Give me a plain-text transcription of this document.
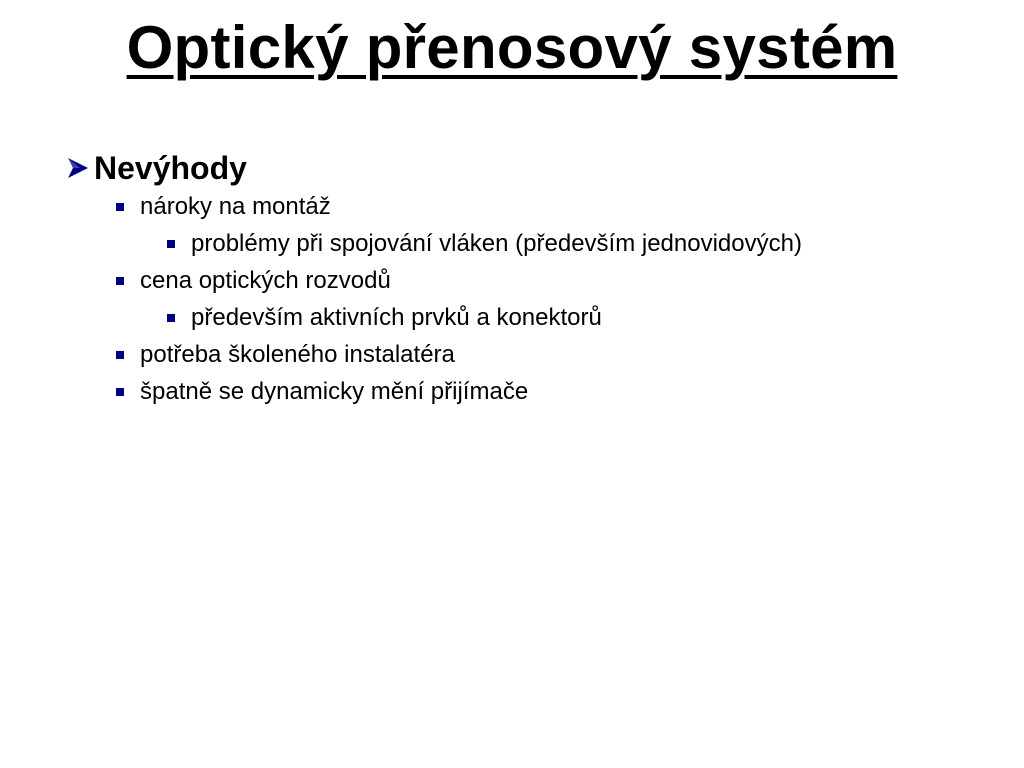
Optický přenosový systém
Nevýhody
nároky na montáž
problémy při spojování vláken (především jednovidových)
cena optických rozvodů
především aktivních prvků a konektorů
potřeba školeného instalatéra
špatně se dynamicky mění přijímače
